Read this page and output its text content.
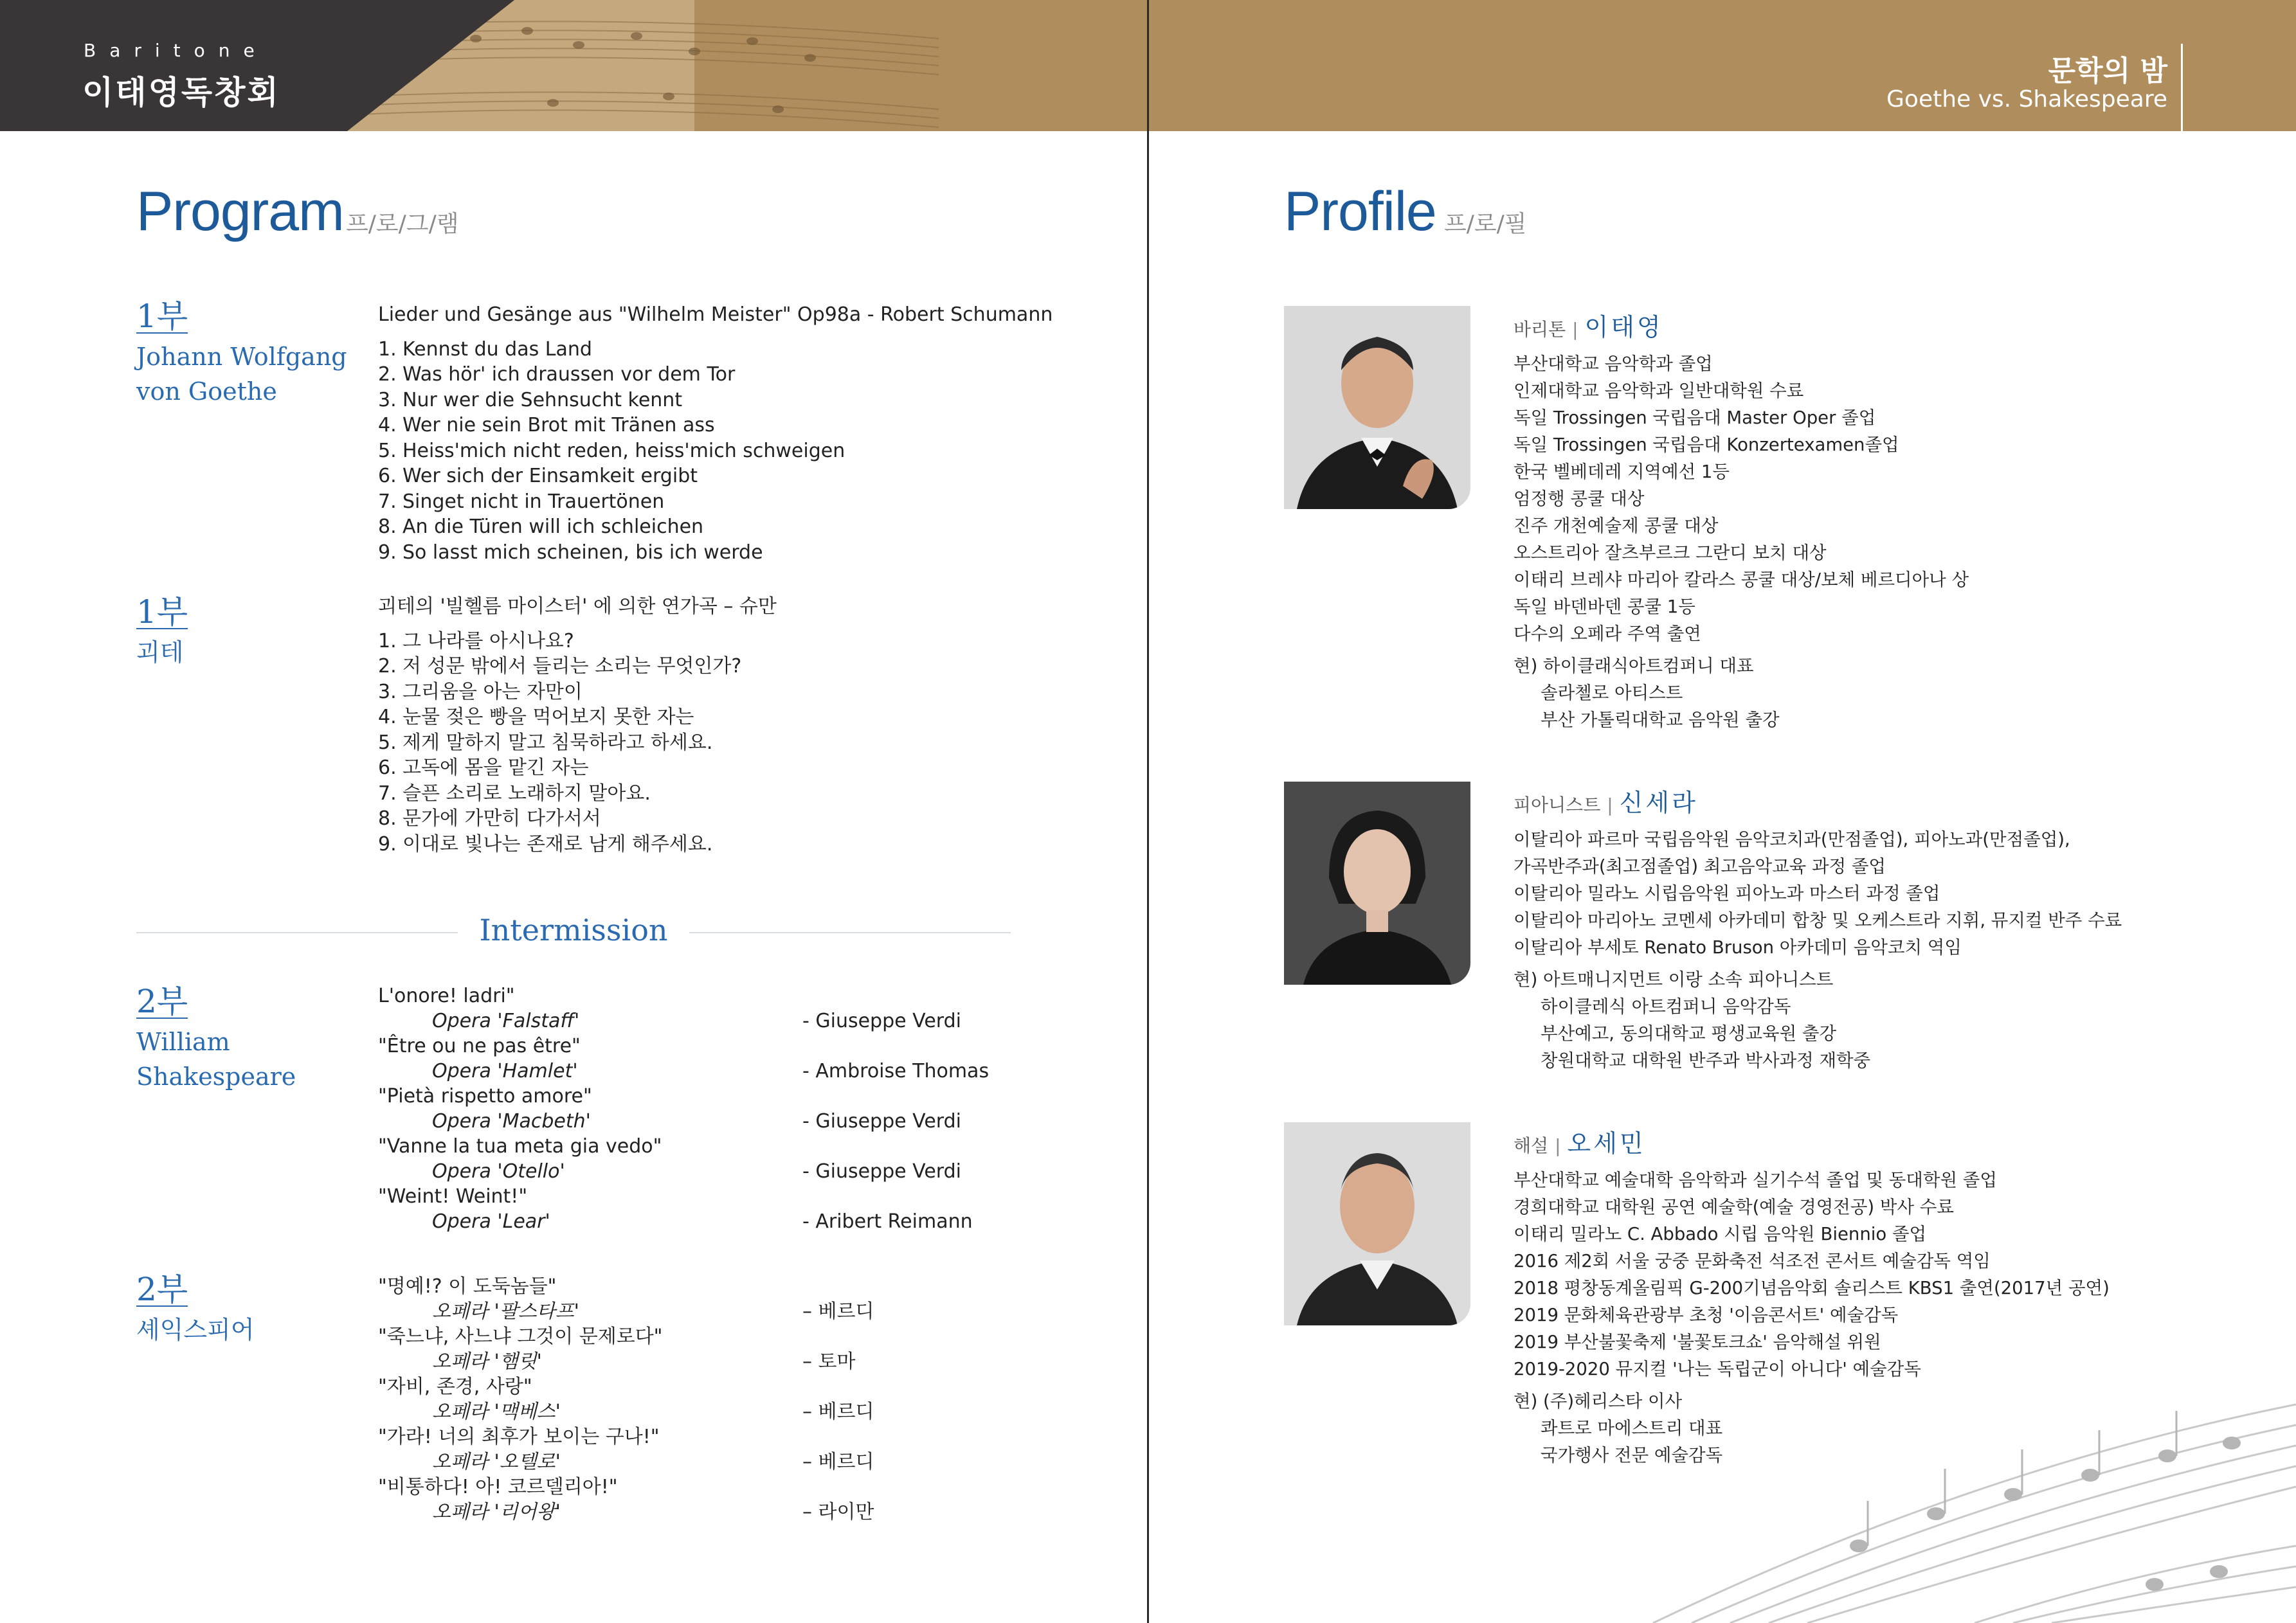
Baritone
이태영독창회
Program 프/로/그/램
1부
Johann Wolfgang
von Goethe
Lieder und Gesänge aus "Wilhelm Meister" Op98a - Robert Schumann
1. Kennst du das Land
2. Was hör' ich draussen vor dem Tor
3. Nur wer die Sehnsucht kennt
4. Wer nie sein Brot mit Tränen ass
5. Heiss'mich nicht reden, heiss'mich schweigen
6. Wer sich der Einsamkeit ergibt
7. Singet nicht in Trauertönen
8. An die Türen will ich schleichen
9. So lasst mich scheinen, bis ich werde
1부
괴테
괴테의 '빌헬름 마이스터' 에 의한 연가곡 – 슈만
1. 그 나라를 아시나요?
2. 저 성문 밖에서 들리는 소리는 무엇인가?
3. 그리움을 아는 자만이
4. 눈물 젖은 빵을 먹어보지 못한 자는
5. 제게 말하지 말고 침묵하라고 하세요.
6. 고독에 몸을 맡긴 자는
7. 슬픈 소리로 노래하지 말아요.
8. 문가에 가만히 다가서서
9. 이대로 빛나는 존재로 남게 해주세요.
Intermission
2부
William
Shakespeare
L'onore! ladri"
Opera 'Falstaff'	- Giuseppe Verdi
"Être ou ne pas être"
Opera 'Hamlet'	- Ambroise Thomas
"Pietà rispetto amore"
Opera 'Macbeth'	- Giuseppe Verdi
"Vanne la tua meta gia vedo"
Opera 'Otello'	- Giuseppe Verdi
"Weint! Weint!"
Opera 'Lear'	- Aribert Reimann
2부
셰익스피어
"명예!? 이 도둑놈들"
오페라 '팔스타프'	– 베르디
"죽느냐, 사느냐 그것이 문제로다"
오페라 '햄릿'	– 토마
"자비, 존경, 사랑"
오페라 '맥베스'	– 베르디
"가라! 너의 최후가 보이는 구나!"
오페라 '오텔로'	– 베르디
"비통하다! 아! 코르델리아!"
오페라 '리어왕'	– 라이만
문학의 밤
Goethe vs. Shakespeare
Profile 프/로/필
바리톤 | 이태영
부산대학교 음악학과 졸업
인제대학교 음악학과 일반대학원 수료
독일 Trossingen 국립음대 Master Oper 졸업
독일 Trossingen 국립음대 Konzertexamen졸업
한국 벨베데레 지역예선 1등
엄정행 콩쿨 대상
진주 개천예술제 콩쿨 대상
오스트리아 잘츠부르크 그란디 보치 대상
이태리 브레샤 마리아 칼라스 콩쿨 대상/보체 베르디아나 상
독일 바덴바덴 콩쿨 1등
다수의 오페라 주역 출연
현) 하이클래식아트컴퍼니 대표
솔라첼로 아티스트
부산 가톨릭대학교 음악원 출강
피아니스트 | 신세라
이탈리아 파르마 국립음악원 음악코치과(만점졸업), 피아노과(만점졸업),
가곡반주과(최고점졸업) 최고음악교육 과정 졸업
이탈리아 밀라노 시립음악원 피아노과 마스터 과정 졸업
이탈리아 마리아노 코멘세 아카데미 합창 및 오케스트라 지휘, 뮤지컬 반주 수료
이탈리아 부세토 Renato Bruson 아카데미 음악코치 역임
현) 아트매니지먼트 이랑 소속 피아니스트
하이클레식 아트컴퍼니 음악감독
부산예고, 동의대학교 평생교육원 출강
창원대학교 대학원 반주과 박사과정 재학중
해설 | 오세민
부산대학교 예술대학 음악학과 실기수석 졸업 및 동대학원 졸업
경희대학교 대학원 공연 예술학(예술 경영전공) 박사 수료
이태리 밀라노 C. Abbado 시립 음악원 Biennio 졸업
2016 제2회 서울 궁중 문화축전 석조전 콘서트 예술감독 역임
2018 평창동계올림픽 G-200기념음악회 솔리스트 KBS1 출연(2017년 공연)
2019 문화체육관광부 초청 '이음콘서트' 예술감독
2019 부산불꽃축제 '불꽃토크쇼' 음악해설 위원
2019-2020 뮤지컬 '나는 독립군이 아니다' 예술감독
현) (주)헤리스타 이사
콰트로 마에스트리 대표
국가행사 전문 예술감독
